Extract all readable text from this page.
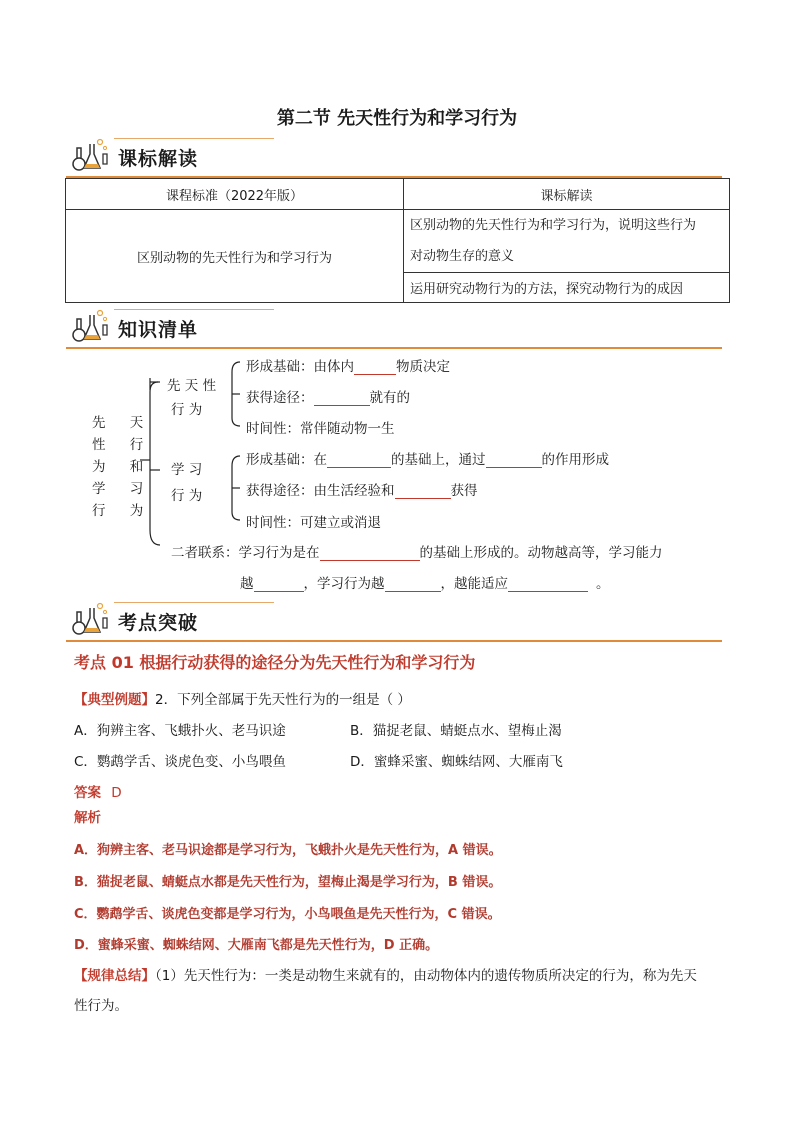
第二节 先天性行为和学习行为
课标解读
课程标准（2022年版）	课标解读
区别动物的先天性行为和学习行为	区别动物的先天性行为和学习行为，说明这些行为
对动物生存的意义

	运用研究动物行为的方法，探究动物行为的成因
知识清单
先 天
性 行
为 和
学 习
行 为
先 天 性
行 为
学 习
行 为
形成基础：由体内	物质决定
获得途径：	就有的
时间性：常伴随动物一生
形成基础：在	的基础上，通过	的作用形成
获得途径：由生活经验和	获得
时间性：可建立或消退
二者联系：学习行为是在	的基础上形成的。动物越高等，学习能力
越	，学习行为越	，越能适应	。
考点突破
考点 01 根据行动获得的途径分为先天性行为和学习行为
【典型例题】2．下列全部属于先天性行为的一组是（ ）
A．狗辨主客、飞蛾扑火、老马识途	B．猫捉老鼠、蜻蜓点水、望梅止渴
C．鹦鹉学舌、谈虎色变、小鸟喂鱼	D．蜜蜂采蜜、蜘蛛结网、大雁南飞
答案 D
解析
A．狗辨主客、老马识途都是学习行为，飞蛾扑火是先天性行为，A 错误。
B．猫捉老鼠、蜻蜓点水都是先天性行为，望梅止渴是学习行为，B 错误。
C．鹦鹉学舌、谈虎色变都是学习行为，小鸟喂鱼是先天性行为，C 错误。
D．蜜蜂采蜜、蜘蛛结网、大雁南飞都是先天性行为，D 正确。
【规律总结】（1）先天性行为：一类是动物生来就有的，由动物体内的遗传物质所决定的行为，称为先天
性行为。
